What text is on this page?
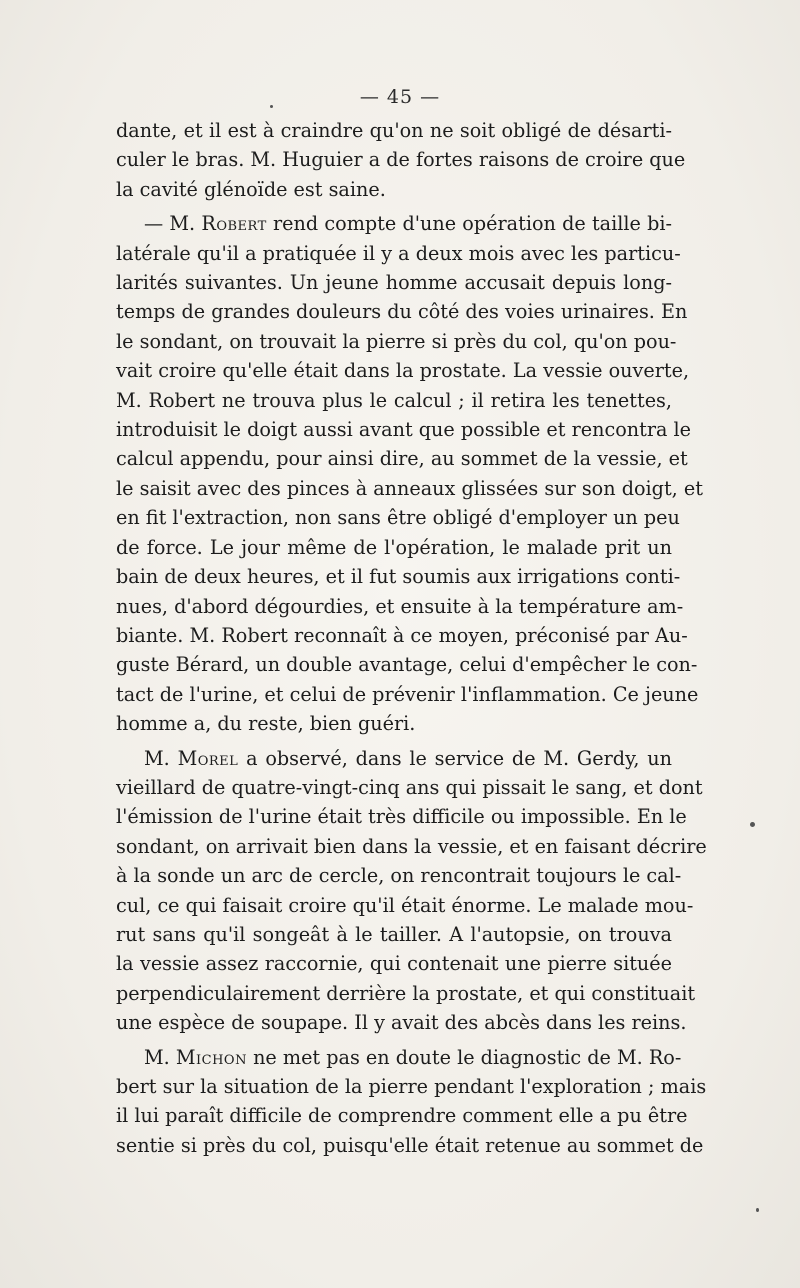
— 45 —
dante, et il est à craindre qu'on ne soit obligé de désarti-
culer le bras. M. Huguier a de fortes raisons de croire que
la cavité glénoïde est saine.
— M. Robert rend compte d'une opération de taille bi-
latérale qu'il a pratiquée il y a deux mois avec les particu-
larités suivantes. Un jeune homme accusait depuis long-
temps de grandes douleurs du côté des voies urinaires. En
le sondant, on trouvait la pierre si près du col, qu'on pou-
vait croire qu'elle était dans la prostate. La vessie ouverte,
M. Robert ne trouva plus le calcul ; il retira les tenettes,
introduisit le doigt aussi avant que possible et rencontra le
calcul appendu, pour ainsi dire, au sommet de la vessie, et
le saisit avec des pinces à anneaux glissées sur son doigt, et
en fit l'extraction, non sans être obligé d'employer un peu
de force. Le jour même de l'opération, le malade prit un
bain de deux heures, et il fut soumis aux irrigations conti-
nues, d'abord dégourdies, et ensuite à la température am-
biante. M. Robert reconnaît à ce moyen, préconisé par Au-
guste Bérard, un double avantage, celui d'empêcher le con-
tact de l'urine, et celui de prévenir l'inflammation. Ce jeune
homme a, du reste, bien guéri.
M. Morel a observé, dans le service de M. Gerdy, un
vieillard de quatre-vingt-cinq ans qui pissait le sang, et dont
l'émission de l'urine était très difficile ou impossible. En le
sondant, on arrivait bien dans la vessie, et en faisant décrire
à la sonde un arc de cercle, on rencontrait toujours le cal-
cul, ce qui faisait croire qu'il était énorme. Le malade mou-
rut sans qu'il songeât à le tailler. A l'autopsie, on trouva
la vessie assez raccornie, qui contenait une pierre située
perpendiculairement derrière la prostate, et qui constituait
une espèce de soupape. Il y avait des abcès dans les reins.
M. Michon ne met pas en doute le diagnostic de M. Ro-
bert sur la situation de la pierre pendant l'exploration ; mais
il lui paraît difficile de comprendre comment elle a pu être
sentie si près du col, puisqu'elle était retenue au sommet de
